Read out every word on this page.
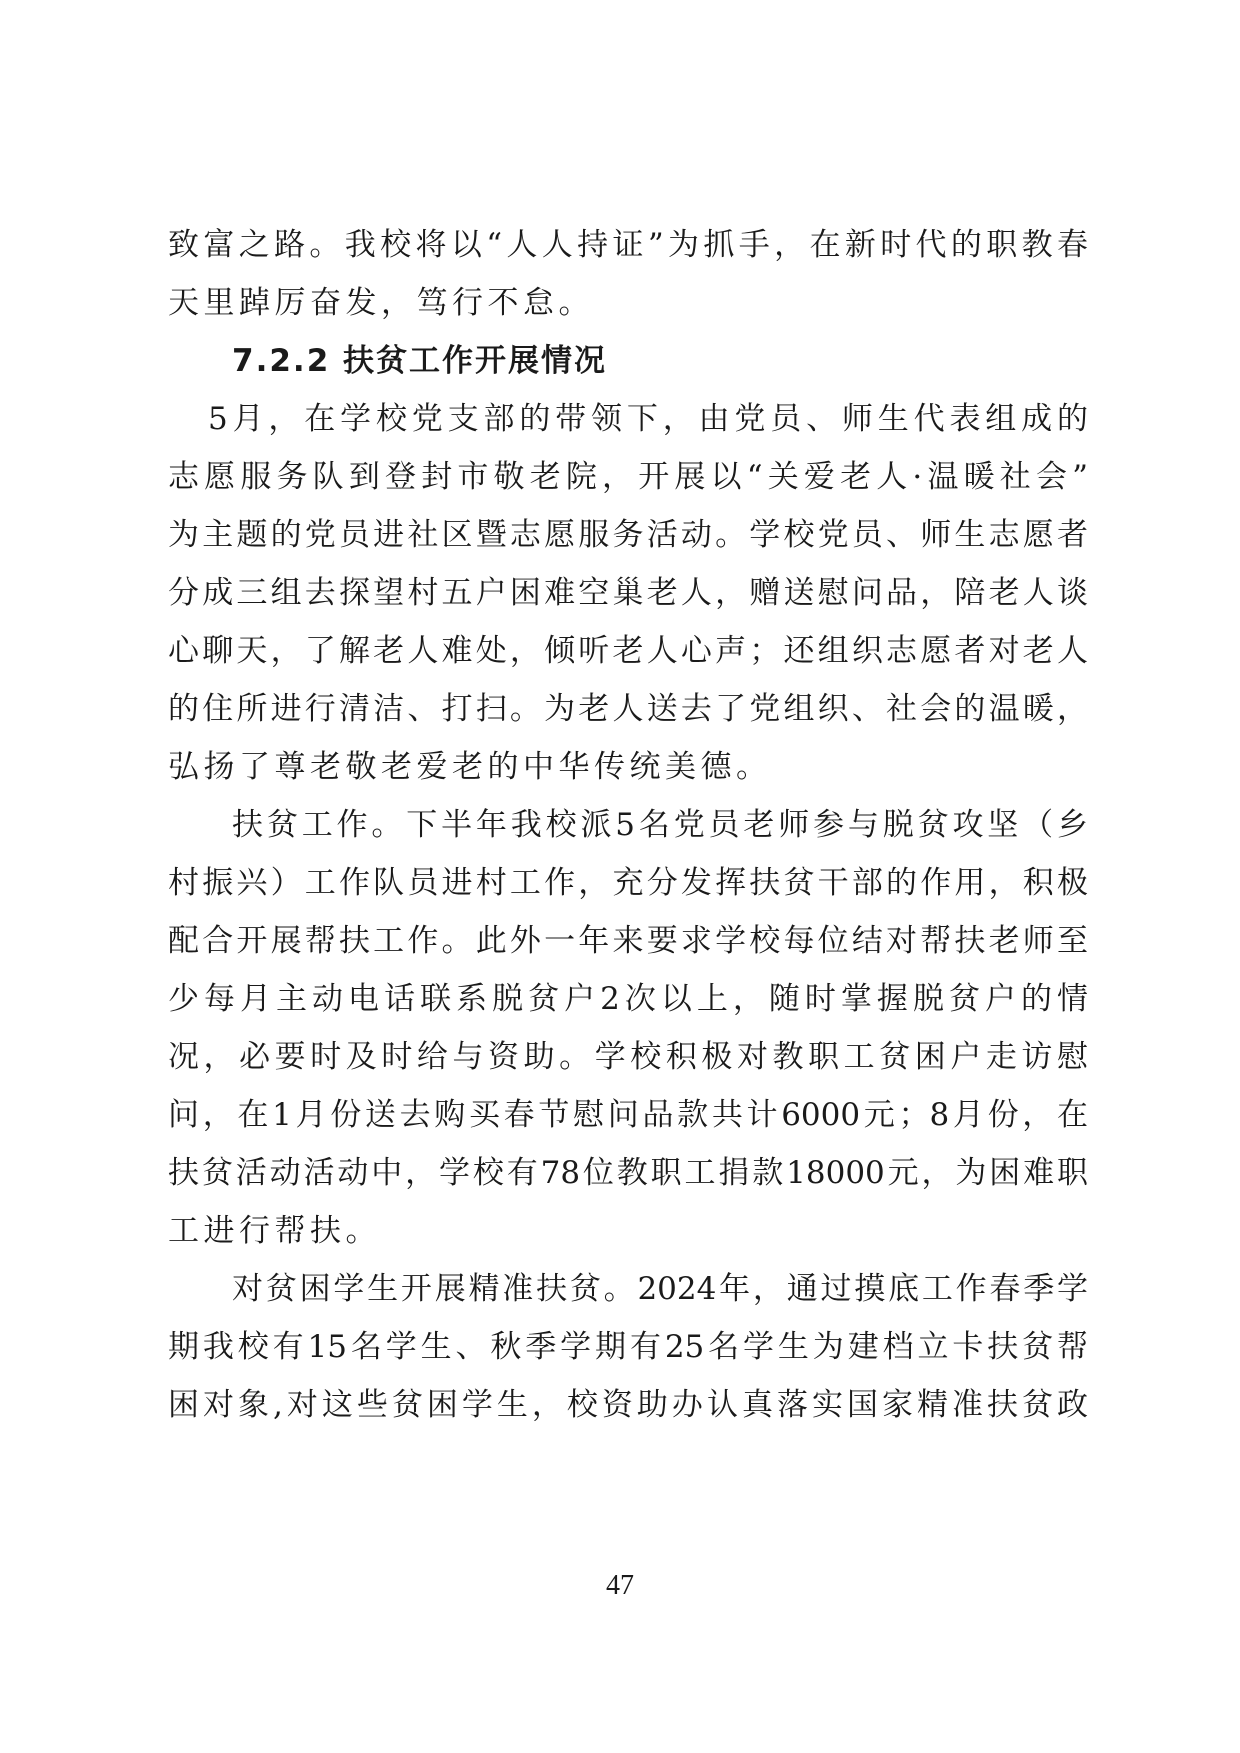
致富之路。我校将以“人人持证”为抓手，在新时代的职教春
天里踔厉奋发，笃行不怠。
7.2.2 扶贫工作开展情况
5月，在学校党支部的带领下，由党员、师生代表组成的
志愿服务队到登封市敬老院，开展以“关爱老人·温暖社会”
为主题的党员进社区暨志愿服务活动。学校党员、师生志愿者
分成三组去探望村五户困难空巢老人，赠送慰问品，陪老人谈
心聊天，了解老人难处，倾听老人心声；还组织志愿者对老人
的住所进行清洁、打扫。为老人送去了党组织、社会的温暖，
弘扬了尊老敬老爱老的中华传统美德。
扶贫工作。下半年我校派5名党员老师参与脱贫攻坚（乡
村振兴）工作队员进村工作，充分发挥扶贫干部的作用，积极
配合开展帮扶工作。此外一年来要求学校每位结对帮扶老师至
少每月主动电话联系脱贫户2次以上，随时掌握脱贫户的情
况，必要时及时给与资助。学校积极对教职工贫困户走访慰
问，在1月份送去购买春节慰问品款共计6000元；8月份，在
扶贫活动活动中，学校有78位教职工捐款18000元，为困难职
工进行帮扶。
对贫困学生开展精准扶贫。2024年，通过摸底工作春季学
期我校有15名学生、秋季学期有25名学生为建档立卡扶贫帮
困对象,对这些贫困学生，校资助办认真落实国家精准扶贫政
47
